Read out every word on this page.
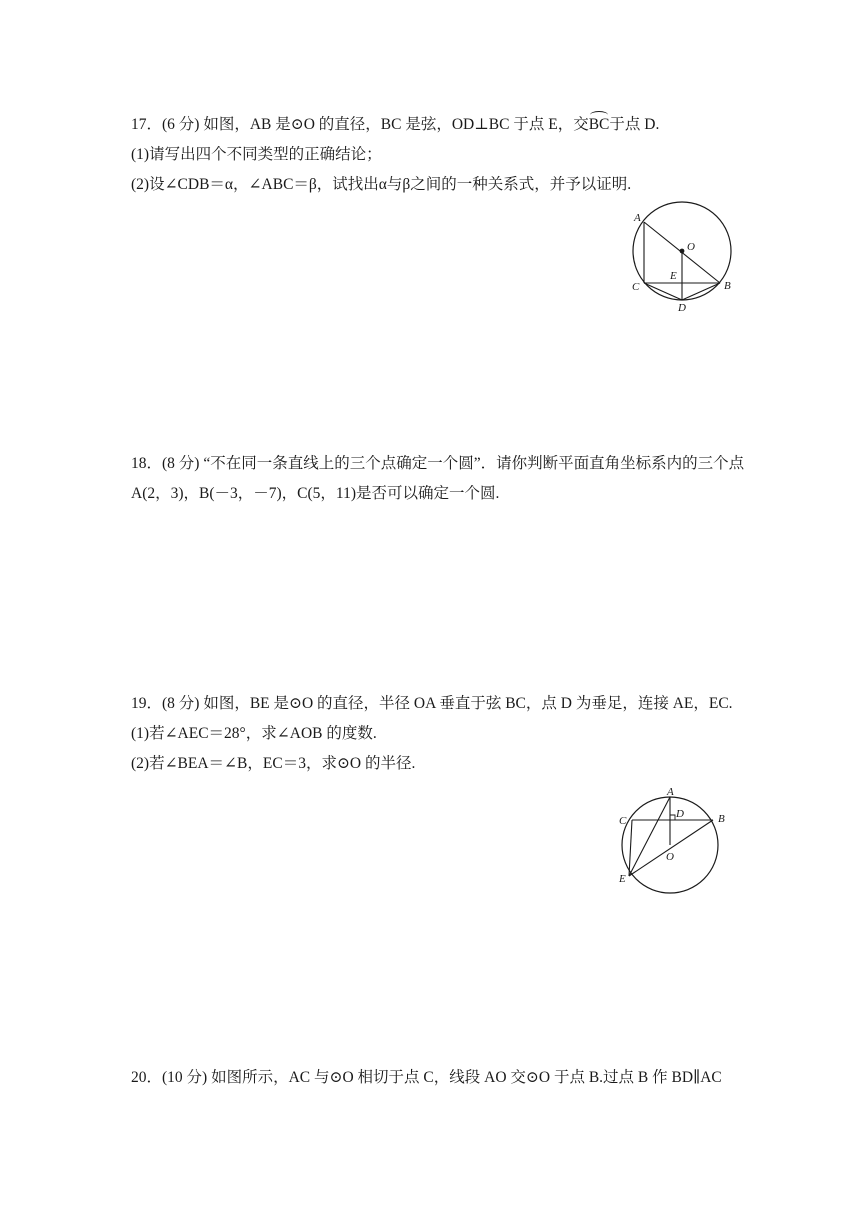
17．(6 分) 如图，AB 是⊙O 的直径，BC 是弦，OD⊥BC 于点 E，交BC于点 D.
(1)请写出四个不同类型的正确结论；
(2)设∠CDB＝α，∠ABC＝β，试找出α与β之间的一种关系式，并予以证明.
A
O
E
C	B
D
18．(8 分) “不在同一条直线上的三个点确定一个圆”．请你判断平面直角坐标系内的三个点
A(2，3)，B(－3，－7)，C(5，11)是否可以确定一个圆.
19．(8 分) 如图，BE 是⊙O 的直径，半径 OA 垂直于弦 BC，点 D 为垂足，连接 AE，EC.
(1)若∠AEC＝28°，求∠AOB 的度数.
(2)若∠BEA＝∠B，EC＝3，求⊙O 的半径.
A
D
C	B
O
E
20．(10 分) 如图所示，AC 与⊙O 相切于点 C，线段 AO 交⊙O 于点 B.过点 B 作 BD∥AC
